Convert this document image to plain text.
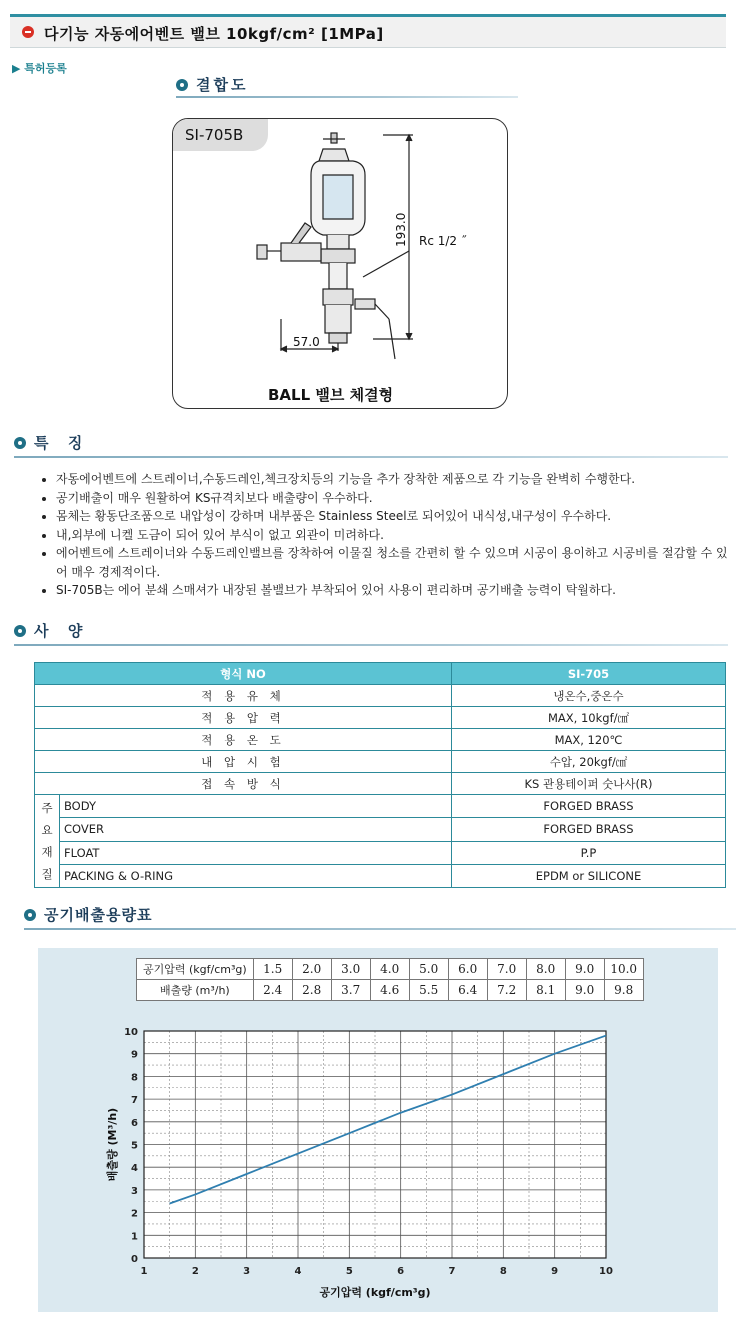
다기능 자동에어벤트 밸브 10kgf/cm² [1MPa]
▶ 특허등록
결합도
SI-705B
193.0
57.0
Rc 1/2 ˝
BALL 밸브 체결형
특  징
• 자동에어벤트에 스트레이너,수동드레인,첵크장치등의 기능을 추가 장착한 제품으로 각 기능을 완벽히 수행한다.
• 공기배출이 매우 원활하여 KS규격치보다 배출량이 우수하다.
• 몸체는 황동단조품으로 내압성이 강하며 내부품은 Stainless Steel로 되어있어 내식성,내구성이 우수하다.
• 내,외부에 니켈 도금이 되어 있어 부식이 없고 외관이 미려하다.
• 에어벤트에 스트레이너와 수동드레인밸브를 장착하여 이물질 청소를 간편히 할 수 있으며 시공이 용이하고 시공비를 절감할 수 있어 매우 경제적이다.
• SI-705B는 에어 분쇄 스매셔가 내장된 볼밸브가 부착되어 있어 사용이 편리하며 공기배출 능력이 탁월하다.
사  양
형식 NO		SI-705
적 용 유 체		냉온수,중온수
적 용 압 력		MAX, 10kgf/㎠
적 용 온 도		MAX, 120℃
내 압 시 험		수압, 20kgf/㎠
접 속 방 식		KS 관용테이퍼 숫나사(R)
주
요
재
질	BODY	FORGED BRASS
	COVER	FORGED BRASS
	FLOAT	P.P
	PACKING & O-RING	EPDM or SILICONE
공기배출용량표
공기압력 (kgf/cm³g)	1.5	2.0	3.0	4.0	5.0	6.0	7.0	8.0	9.0	10.0
배출량 (m³/h)	2.4	2.8	3.7	4.6	5.5	6.4	7.2	8.1	9.0	9.8
1	2	3	4	5	6	7	8	9	10
0
1
2
3
4
5
6
7
8
9
10
공기압력 (kgf/cm³g)
배출량 (M³/h)
